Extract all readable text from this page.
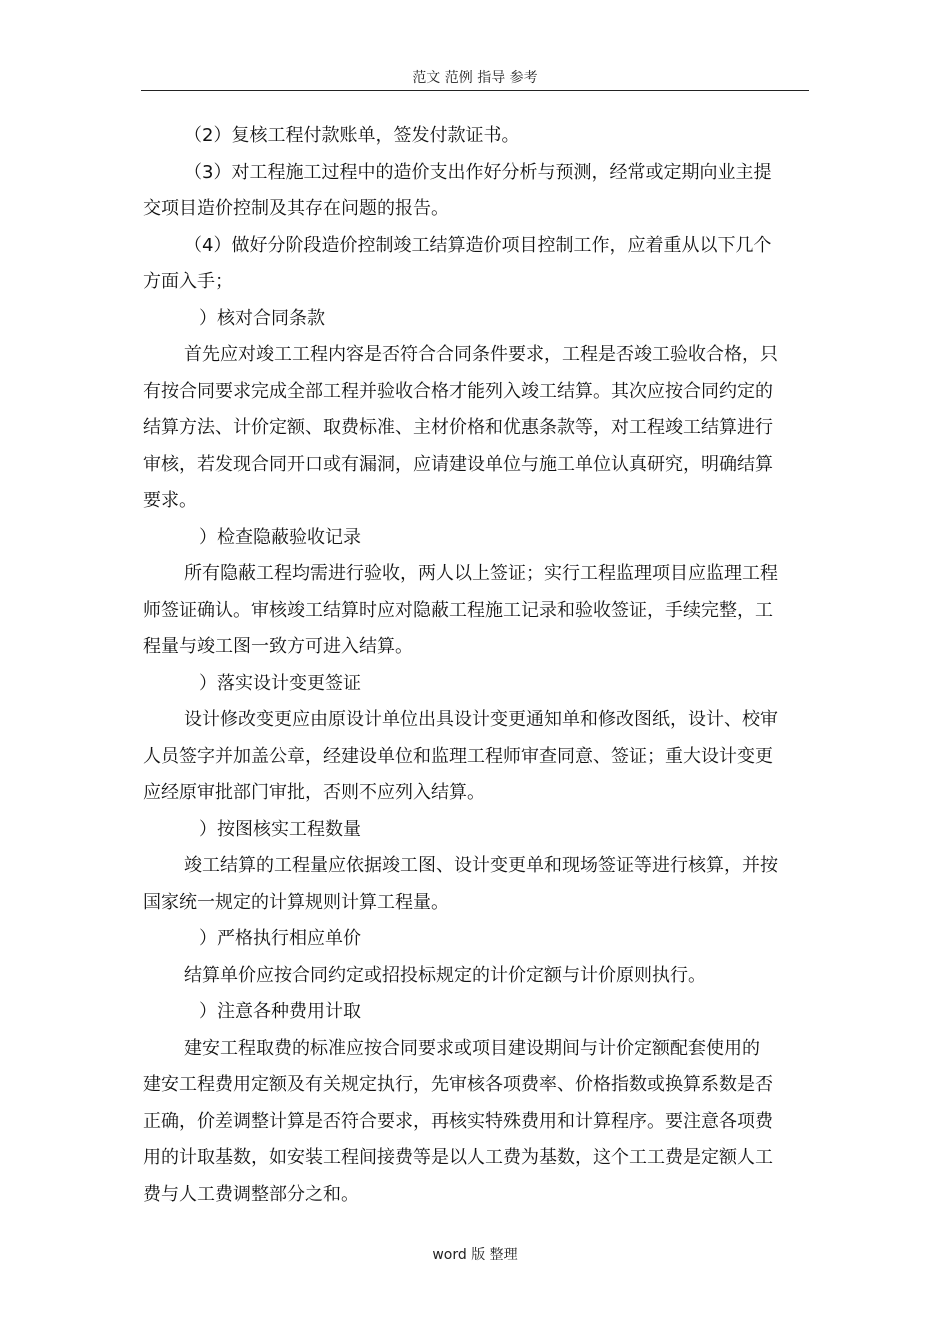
范文 范例 指导 参考
（2）复核工程付款账单，签发付款证书。
（3）对工程施工过程中的造价支出作好分析与预测，经常或定期向业主提
交项目造价控制及其存在问题的报告。
（4）做好分阶段造价控制竣工结算造价项目控制工作，应着重从以下几个
方面入手；
）核对合同条款
首先应对竣工工程内容是否符合合同条件要求，工程是否竣工验收合格，只
有按合同要求完成全部工程并验收合格才能列入竣工结算。其次应按合同约定的
结算方法、计价定额、取费标准、主材价格和优惠条款等，对工程竣工结算进行
审核，若发现合同开口或有漏洞，应请建设单位与施工单位认真研究，明确结算
要求。
）检查隐蔽验收记录
所有隐蔽工程均需进行验收，两人以上签证；实行工程监理项目应监理工程
师签证确认。审核竣工结算时应对隐蔽工程施工记录和验收签证，手续完整，工
程量与竣工图一致方可进入结算。
）落实设计变更签证
设计修改变更应由原设计单位出具设计变更通知单和修改图纸，设计、校审
人员签字并加盖公章，经建设单位和监理工程师审查同意、签证；重大设计变更
应经原审批部门审批，否则不应列入结算。
）按图核实工程数量
竣工结算的工程量应依据竣工图、设计变更单和现场签证等进行核算，并按
国家统一规定的计算规则计算工程量。
）严格执行相应单价
结算单价应按合同约定或招投标规定的计价定额与计价原则执行。
）注意各种费用计取
建安工程取费的标准应按合同要求或项目建设期间与计价定额配套使用的
建安工程费用定额及有关规定执行，先审核各项费率、价格指数或换算系数是否
正确，价差调整计算是否符合要求，再核实特殊费用和计算程序。要注意各项费
用的计取基数，如安装工程间接费等是以人工费为基数，这个工工费是定额人工
费与人工费调整部分之和。
word 版 整理
